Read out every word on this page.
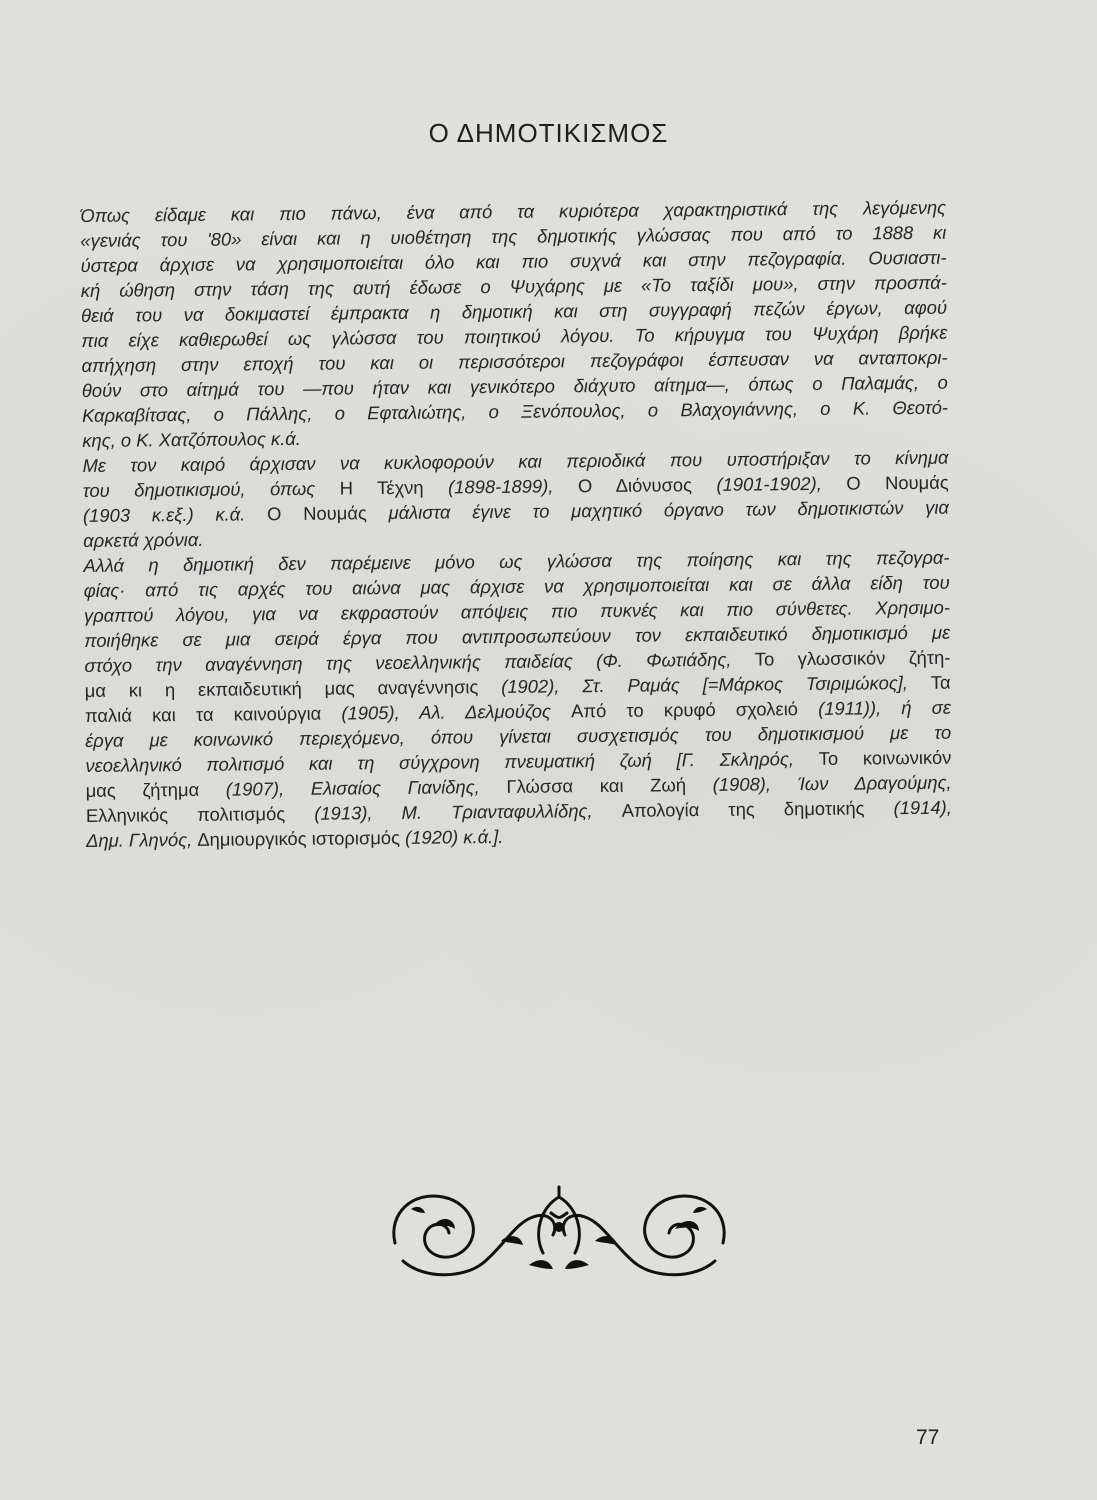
Ο ΔΗΜΟΤΙΚΙΣΜΟΣ
Όπως είδαμε και πιο πάνω, ένα από τα κυριότερα χαρακτηριστικά της λεγόμενης
«γενιάς του '80» είναι και η υιοθέτηση της δημοτικής γλώσσας που από το 1888 κι
ύστερα άρχισε να χρησιμοποιείται όλο και πιο συχνά και στην πεζογραφία. Ουσιαστι-
κή ώθηση στην τάση της αυτή έδωσε ο Ψυχάρης με «Το ταξίδι μου», στην προσπά-
θειά του να δοκιμαστεί έμπρακτα η δημοτική και στη συγγραφή πεζών έργων, αφού
πια είχε καθιερωθεί ως γλώσσα του ποιητικού λόγου. Το κήρυγμα του Ψυχάρη βρήκε
απήχηση στην εποχή του και οι περισσότεροι πεζογράφοι έσπευσαν να ανταποκρι-
θούν στο αίτημά του —που ήταν και γενικότερο διάχυτο αίτημα—, όπως ο Παλαμάς, ο
Καρκαβίτσας, ο Πάλλης, ο Εφταλιώτης, ο Ξενόπουλος, ο Βλαχογιάννης, ο Κ. Θεοτό-
κης, ο Κ. Χατζόπουλος κ.ά.
Με τον καιρό άρχισαν να κυκλοφορούν και περιοδικά που υποστήριξαν το κίνημα
του δημοτικισμού, όπως Η Τέχνη (1898-1899), Ο Διόνυσος (1901-1902), Ο Νουμάς
(1903 κ.εξ.) κ.ά. Ο Νουμάς μάλιστα έγινε το μαχητικό όργανο των δημοτικιστών για
αρκετά χρόνια.
Αλλά η δημοτική δεν παρέμεινε μόνο ως γλώσσα της ποίησης και της πεζογρα-
φίας· από τις αρχές του αιώνα μας άρχισε να χρησιμοποιείται και σε άλλα είδη του
γραπτού λόγου, για να εκφραστούν απόψεις πιο πυκνές και πιο σύνθετες. Χρησιμο-
ποιήθηκε σε μια σειρά έργα που αντιπροσωπεύουν τον εκπαιδευτικό δημοτικισμό με
στόχο την αναγέννηση της νεοελληνικής παιδείας (Φ. Φωτιάδης, Το γλωσσικόν ζήτη-
μα κι η εκπαιδευτική μας αναγέννησις (1902), Στ. Ραμάς [=Μάρκος Τσιριμώκος], Τα
παλιά και τα καινούργια (1905), Αλ. Δελμούζος Από το κρυφό σχολειό (1911)), ή σε
έργα με κοινωνικό περιεχόμενο, όπου γίνεται συσχετισμός του δημοτικισμού με το
νεοελληνικό πολιτισμό και τη σύγχρονη πνευματική ζωή [Γ. Σκληρός, Το κοινωνικόν
μας ζήτημα (1907), Ελισαίος Γιανίδης, Γλώσσα και Ζωή (1908), Ίων Δραγούμης,
Ελληνικός πολιτισμός (1913), Μ. Τριανταφυλλίδης, Απολογία της δημοτικής (1914),
Δημ. Γληνός, Δημιουργικός ιστορισμός (1920) κ.ά.].
77
